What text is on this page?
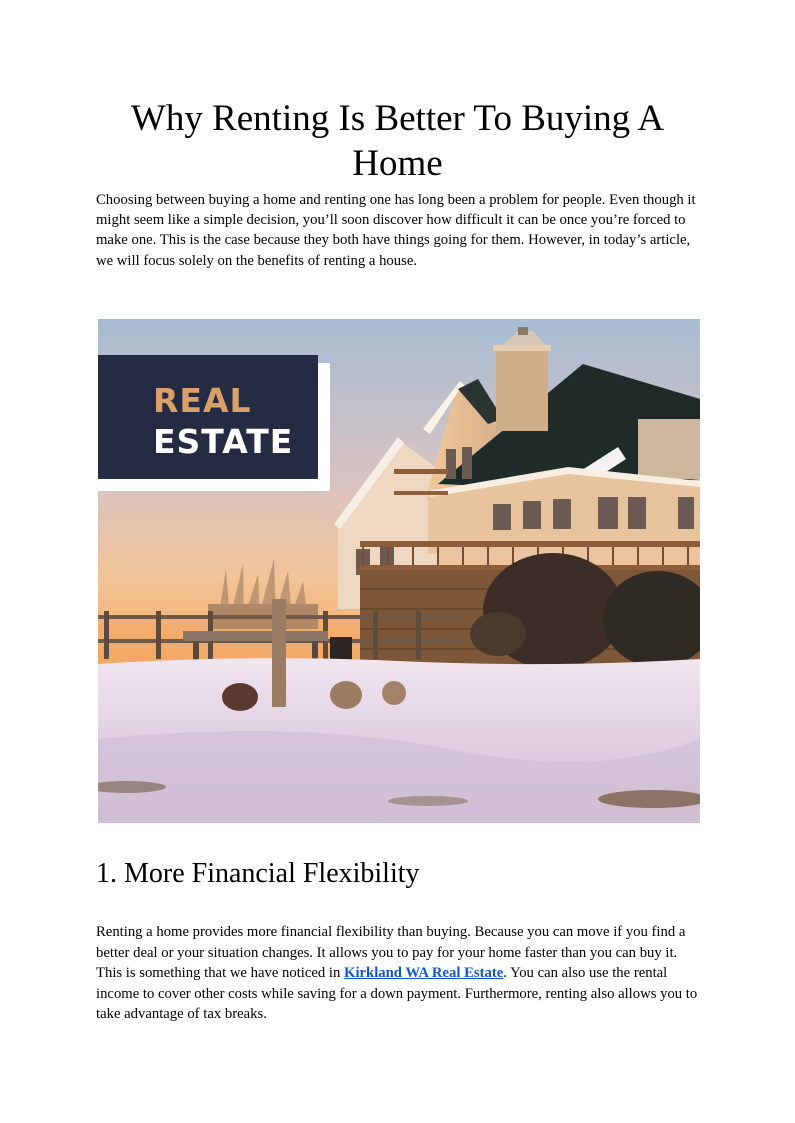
Why Renting Is Better To Buying A Home

Choosing between buying a home and renting one has long been a problem for people. Even though it might seem like a simple decision, you’ll soon discover how difficult it can be once you’re forced to make one. This is the case because they both have things going for them. However, in today’s article, we will focus solely on the benefits of renting a house.

REAL
ESTATE
1. More Financial Flexibility

Renting a home provides more financial flexibility than buying. Because you can move if you find a better deal or your situation changes. It allows you to pay for your home faster than you can buy it. This is something that we have noticed in Kirkland WA Real Estate. You can also use the rental income to cover other costs while saving for a down payment. Furthermore, renting also allows you to take advantage of tax breaks.
